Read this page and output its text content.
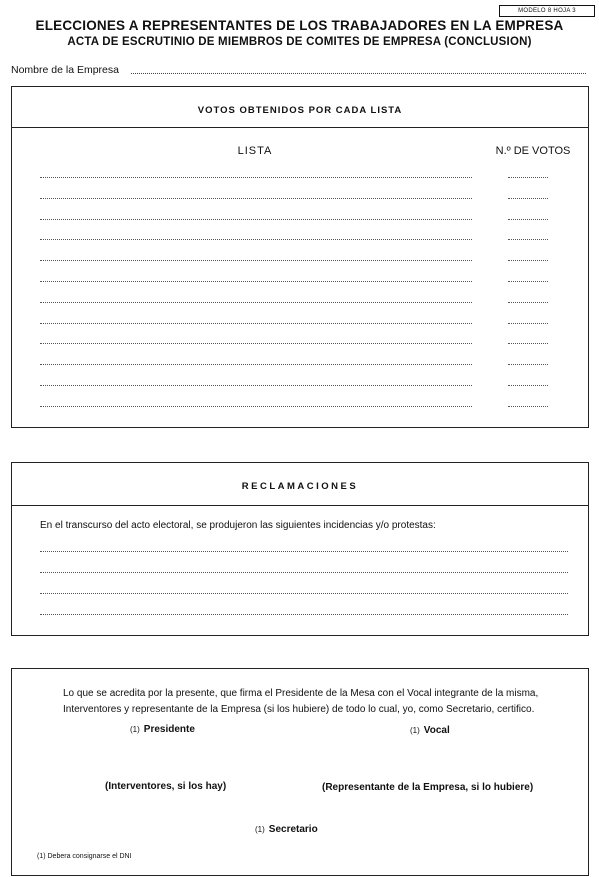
MODELO 8 HOJA 3
ELECCIONES A REPRESENTANTES DE LOS TRABAJADORES EN LA EMPRESA
ACTA DE ESCRUTINIO DE MIEMBROS DE COMITES DE EMPRESA (CONCLUSION)
Nombre de la Empresa
VOTOS OBTENIDOS POR CADA LISTA
LISTA	N.º DE VOTOS
RECLAMACIONES
En el transcurso del acto electoral, se produjeron las siguientes incidencias y/o protestas:
Lo que se acredita por la presente, que firma el Presidente de la Mesa con el Vocal integrante de la misma,
Interventores y representante de la Empresa (si los hubiere) de todo lo cual, yo, como Secretario, certifico.
(1) Presidente	(1) Vocal
(Interventores, si los hay)	(Representante de la Empresa, si lo hubiere)
(1) Secretario
(1) Debera consignarse el DNI
